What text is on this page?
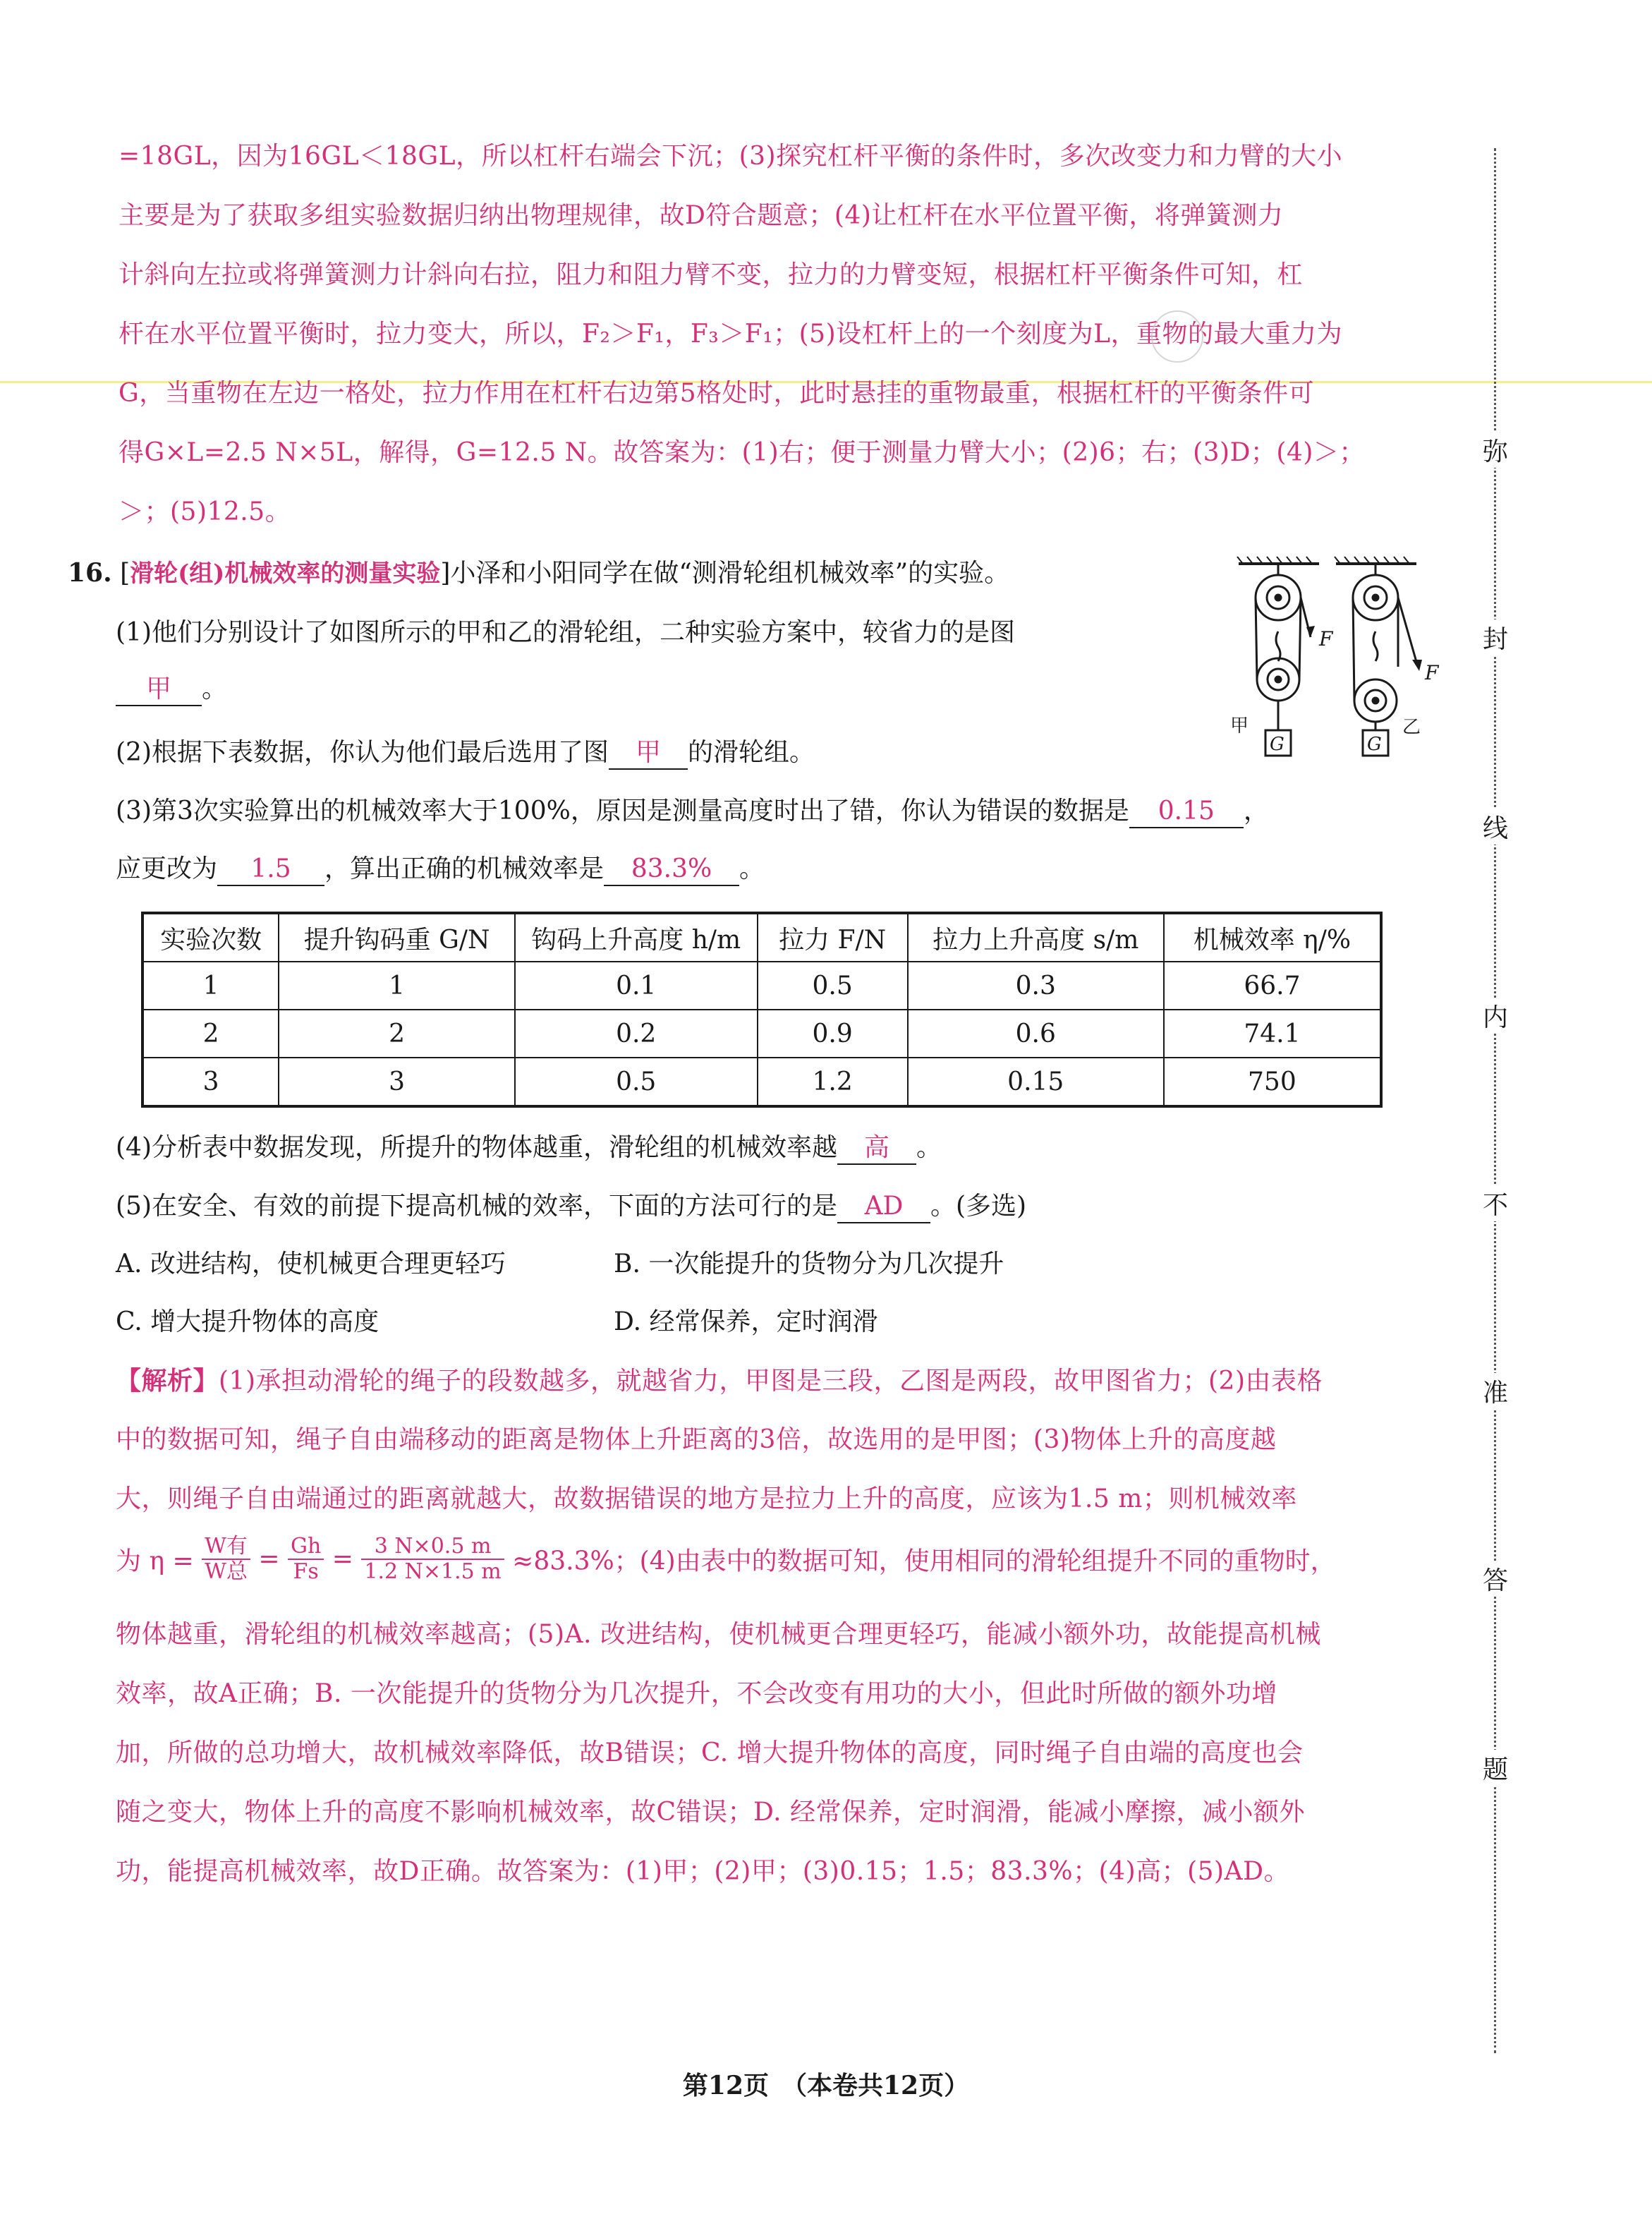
=18GL，因为16GL＜18GL，所以杠杆右端会下沉；(3)探究杠杆平衡的条件时，多次改变力和力臂的大小
主要是为了获取多组实验数据归纳出物理规律，故D符合题意；(4)让杠杆在水平位置平衡，将弹簧测力
计斜向左拉或将弹簧测力计斜向右拉，阻力和阻力臂不变，拉力的力臂变短，根据杠杆平衡条件可知，杠
杆在水平位置平衡时，拉力变大，所以，F₂＞F₁，F₃＞F₁；(5)设杠杆上的一个刻度为L，重物的最大重力为
G，当重物在左边一格处，拉力作用在杠杆右边第5格处时，此时悬挂的重物最重，根据杠杆的平衡条件可
得G×L=2.5 N×5L，解得，G=12.5 N。故答案为：(1)右；便于测量力臂大小；(2)6；右；(3)D；(4)＞；
＞；(5)12.5。
16. [滑轮(组)机械效率的测量实验]小泽和小阳同学在做“测滑轮组机械效率”的实验。
(1)他们分别设计了如图所示的甲和乙的滑轮组，二种实验方案中，较省力的是图
甲 。
(2)根据下表数据，你认为他们最后选用了图 甲 的滑轮组。
(3)第3次实验算出的机械效率大于100%，原因是测量高度时出了错，你认为错误的数据是 0.15 ，
应更改为 1.5 ，算出正确的机械效率是 83.3% 。
F
G
甲
F
G
乙
实验次数	提升钩码重 G/N	钩码上升高度 h/m	拉力 F/N	拉力上升高度 s/m	机械效率 η/%
1	1	0.1	0.5	0.3	66.7
2	2	0.2	0.9	0.6	74.1
3	3	0.5	1.2	0.15	750
(4)分析表中数据发现，所提升的物体越重，滑轮组的机械效率越 高 。
(5)在安全、有效的前提下提高机械的效率，下面的方法可行的是 AD 。(多选)
A. 改进结构，使机械更合理更轻巧	B. 一次能提升的货物分为几次提升
C. 增大提升物体的高度	D. 经常保养，定时润滑
【解析】(1)承担动滑轮的绳子的段数越多，就越省力，甲图是三段，乙图是两段，故甲图省力；(2)由表格
中的数据可知，绳子自由端移动的距离是物体上升距离的3倍，故选用的是甲图；(3)物体上升的高度越
大，则绳子自由端通过的距离就越大，故数据错误的地方是拉力上升的高度，应该为1.5 m；则机械效率
为 $\eta = \frac{\text{W有}}{\text{W总}} = \frac{Gh}{Fs} = \frac{3 N\times 0.5 m}{1.2 N\times 1.5 m} \approx 83.3\%$；(4)由表中的数据可知，使用相同的滑轮组提升不同的重物时，
物体越重，滑轮组的机械效率越高；(5)A. 改进结构，使机械更合理更轻巧，能减小额外功，故能提高机械
效率，故A正确；B. 一次能提升的货物分为几次提升，不会改变有用功的大小，但此时所做的额外功增
加，所做的总功增大，故机械效率降低，故B错误；C. 增大提升物体的高度，同时绳子自由端的高度也会
随之变大，物体上升的高度不影响机械效率，故C错误；D. 经常保养，定时润滑，能减小摩擦，减小额外
功，能提高机械效率，故D正确。故答案为：(1)甲；(2)甲；(3)0.15；1.5；83.3%；(4)高；(5)AD。
第12页　（本卷共12页）
弥
封
线
内
不
准
答
题
